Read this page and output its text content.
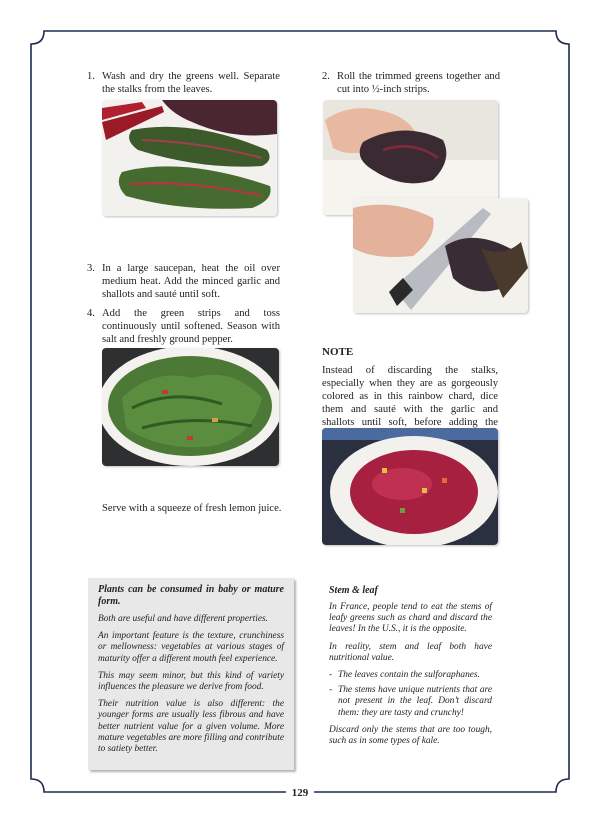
1. Wash and dry the greens well. Separate the stalks from the leaves.
2. Roll the trimmed greens together and cut into ½-inch strips.
3. In a large saucepan, heat the oil over medium heat. Add the minced garlic and shallots and sauté until soft.
4. Add the green strips and toss continuously until softened. Season with salt and freshly ground pepper.
NOTE
Instead of discarding the stalks, especially when they are as gorgeously colored as in this rainbow chard, dice them and sauté with the garlic and shallots until soft, before adding the
Serve with a squeeze of fresh lemon juice.

Plants can be consumed in baby or mature form.

Both are useful and have different properties.

An important feature is the texture, crunchiness or mellowness: vegetables at various stages of maturity offer a different mouth feel experience.

This may seem minor, but this kind of variety influences the pleasure we derive from food.

Their nutrition value is also different: the younger forms are usually less fibrous and have better nutrient value for a given volume. More mature vegetables are more filling and contribute to satiety better.

Stem & leaf

In France, people tend to eat the stems of leafy greens such as chard and discard the leaves! In the U.S., it is the opposite.

In reality, stem and leaf both have nutritional value.

- The leaves contain the sulforaphanes.
- The stems have unique nutrients that are not present in the leaf. Don’t discard them: they are tasty and crunchy!

Discard only the stems that are too tough, such as in some types of kale.

129
